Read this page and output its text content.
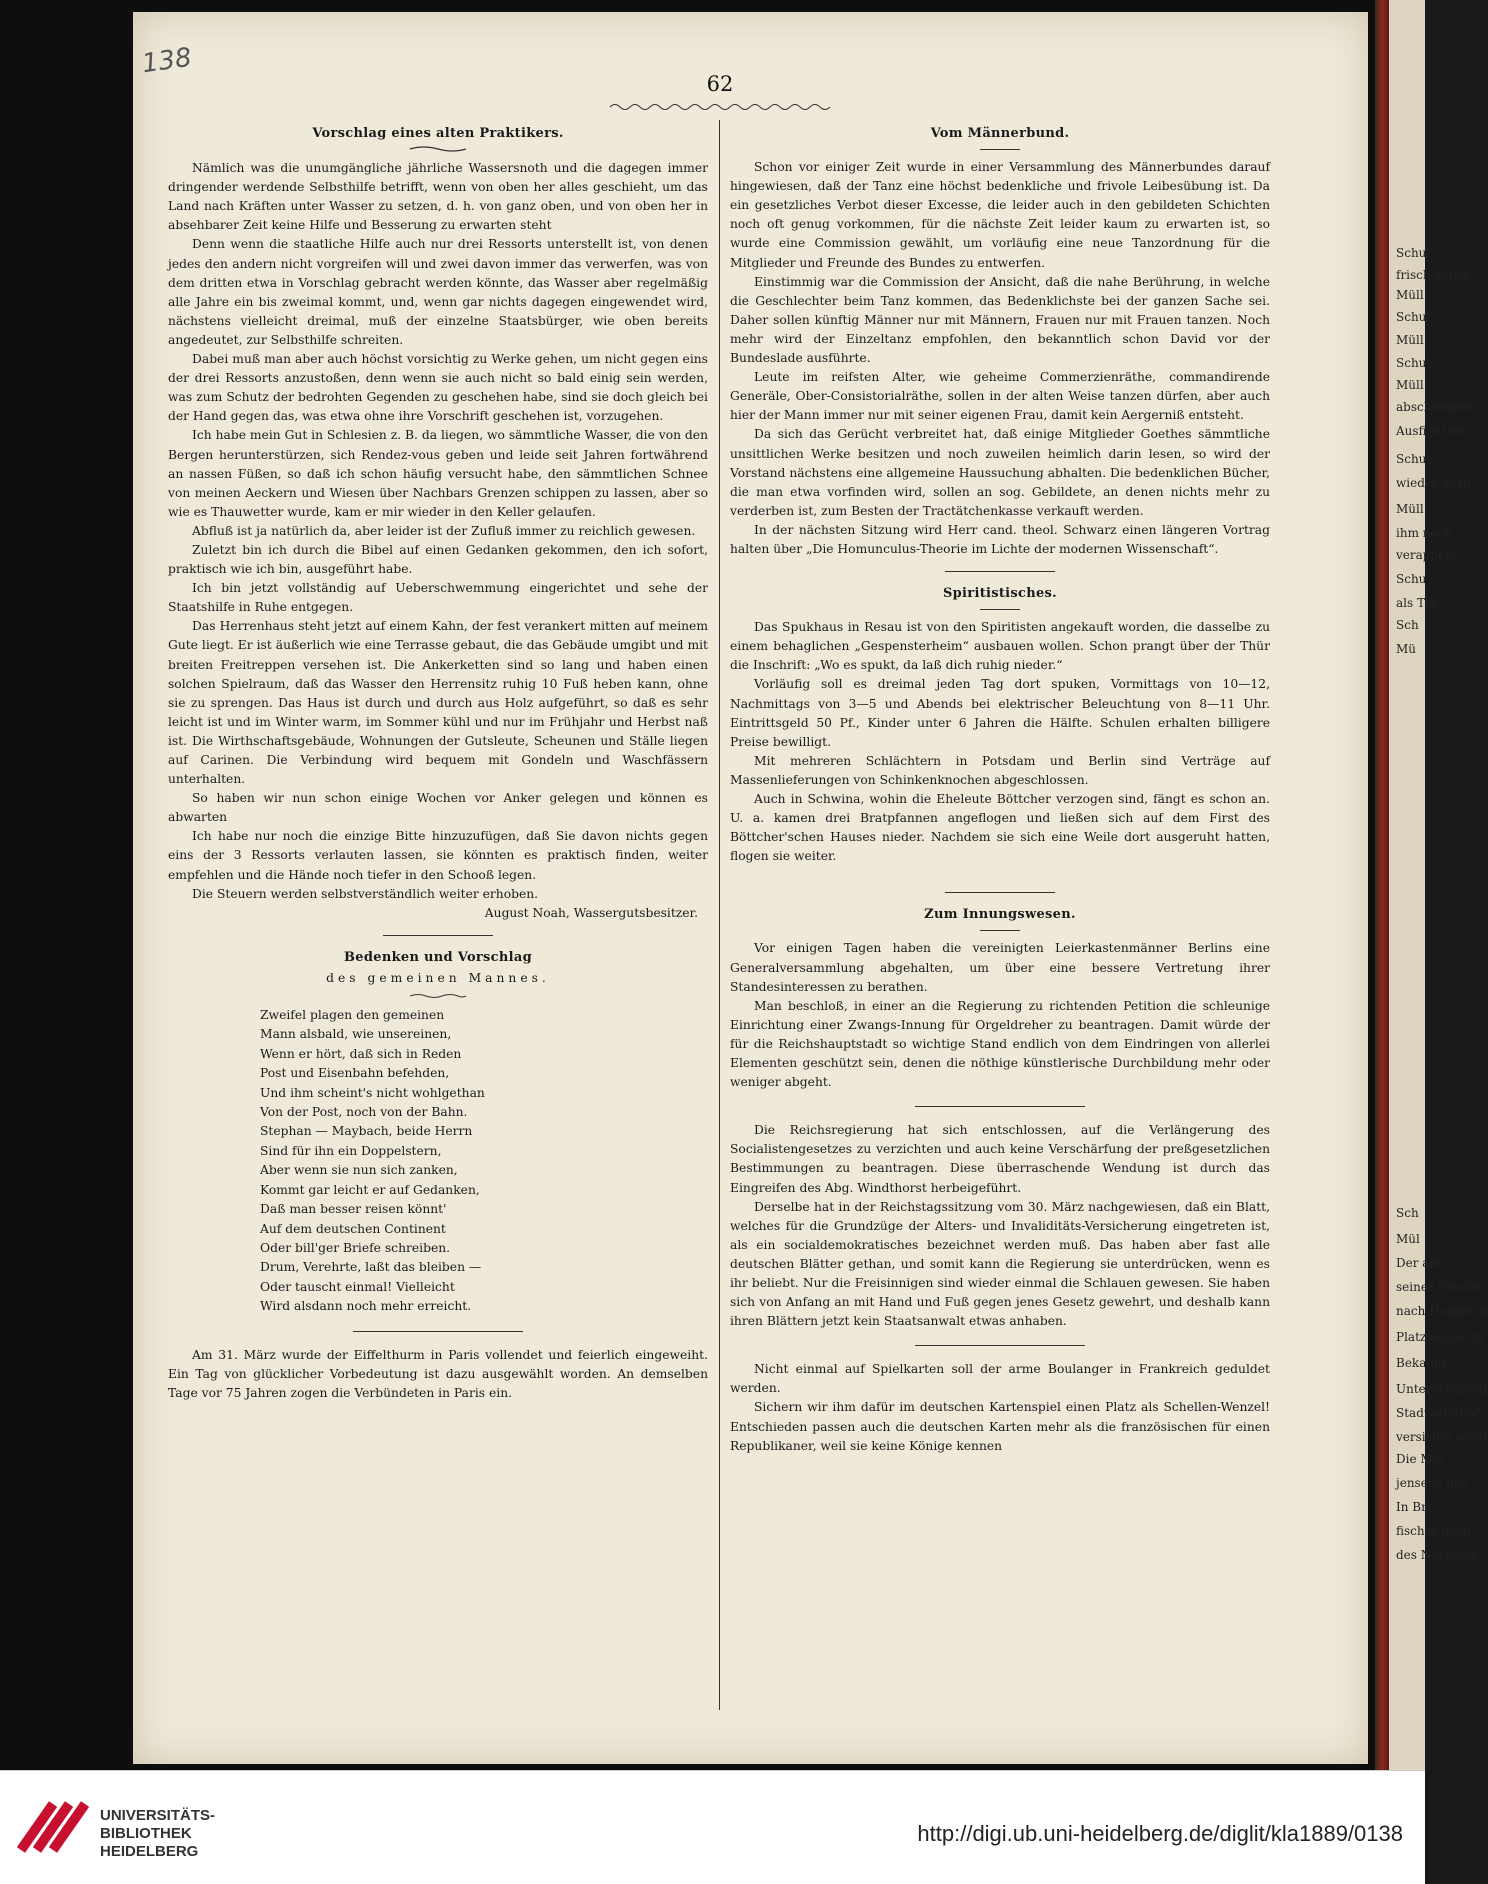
Schul
frisch anfan
Müll
Schul
Müll
Schul
Müll
abschneiden
Ausficht mi
Schul
wieder anzu
Müll
ihm noch
verappen.
Schu
als Tro
Sch
Mü
Sch
Mül
Der am
seiner Familie
nach Hamburg
Platz anzuschl
Bekannt
Unterbringung
Stadtbahnhof
versicher ward
Die Mül
jenseits des ;
In Bri
fischer nach ;
des Novembe
138
62
Vorschlag eines alten Praktikers.

Nämlich was die unumgängliche jährliche Wassersnoth und die dagegen immer dringender werdende Selbsthilfe betrifft, wenn von oben her alles geschieht, um das Land nach Kräften unter Wasser zu setzen, d. h. von ganz oben, und von oben her in absehbarer Zeit keine Hilfe und Besserung zu erwarten steht

Denn wenn die staatliche Hilfe auch nur drei Ressorts unterstellt ist, von denen jedes den andern nicht vorgreifen will und zwei davon immer das verwerfen, was von dem dritten etwa in Vorschlag gebracht werden könnte, das Wasser aber regelmäßig alle Jahre ein bis zweimal kommt, und, wenn gar nichts dagegen eingewendet wird, nächstens vielleicht dreimal, muß der einzelne Staatsbürger, wie oben bereits angedeutet, zur Selbsthilfe schreiten.

Dabei muß man aber auch höchst vorsichtig zu Werke gehen, um nicht gegen eins der drei Ressorts anzustoßen, denn wenn sie auch nicht so bald einig sein werden, was zum Schutz der bedrohten Gegenden zu geschehen habe, sind sie doch gleich bei der Hand gegen das, was etwa ohne ihre Vorschrift geschehen ist, vorzugehen.

Ich habe mein Gut in Schlesien z. B. da liegen, wo sämmtliche Wasser, die von den Bergen herunterstürzen, sich Rendez-vous geben und leide seit Jahren fortwährend an nassen Füßen, so daß ich schon häufig versucht habe, den sämmtlichen Schnee von meinen Aeckern und Wiesen über Nachbars Grenzen schippen zu lassen, aber so wie es Thauwetter wurde, kam er mir wieder in den Keller gelaufen.

Abfluß ist ja natürlich da, aber leider ist der Zufluß immer zu reichlich gewesen.

Zuletzt bin ich durch die Bibel auf einen Gedanken gekommen, den ich sofort, praktisch wie ich bin, ausgeführt habe.

Ich bin jetzt vollständig auf Ueberschwemmung eingerichtet und sehe der Staatshilfe in Ruhe entgegen.

Das Herrenhaus steht jetzt auf einem Kahn, der fest verankert mitten auf meinem Gute liegt. Er ist äußerlich wie eine Terrasse gebaut, die das Gebäude umgibt und mit breiten Freitreppen versehen ist. Die Ankerketten sind so lang und haben einen solchen Spielraum, daß das Wasser den Herrensitz ruhig 10 Fuß heben kann, ohne sie zu sprengen. Das Haus ist durch und durch aus Holz aufgeführt, so daß es sehr leicht ist und im Winter warm, im Sommer kühl und nur im Frühjahr und Herbst naß ist. Die Wirthschaftsgebäude, Wohnungen der Gutsleute, Scheunen und Ställe liegen auf Carinen. Die Verbindung wird bequem mit Gondeln und Waschfässern unterhalten.

So haben wir nun schon einige Wochen vor Anker gelegen und können es abwarten

Ich habe nur noch die einzige Bitte hinzuzufügen, daß Sie davon nichts gegen eins der 3 Ressorts verlauten lassen, sie könnten es praktisch finden, weiter empfehlen und die Hände noch tiefer in den Schooß legen.

Die Steuern werden selbstverständlich weiter erhoben.

August Noah, Wassergutsbesitzer.
Bedenken und Vorschlag
des gemeinen Mannes.
Zweifel plagen den gemeinen
Mann alsbald, wie unsereinen,
Wenn er hört, daß sich in Reden
Post und Eisenbahn befehden,
Und ihm scheint's nicht wohlgethan
Von der Post, noch von der Bahn.
Stephan — Maybach, beide Herrn
Sind für ihn ein Doppelstern,
Aber wenn sie nun sich zanken,
Kommt gar leicht er auf Gedanken,
Daß man besser reisen könnt'
Auf dem deutschen Continent
Oder bill'ger Briefe schreiben.
Drum, Verehrte, laßt das bleiben —
Oder tauscht einmal! Vielleicht
Wird alsdann noch mehr erreicht.

Am 31. März wurde der Eiffelthurm in Paris vollendet und feierlich eingeweiht. Ein Tag von glücklicher Vorbedeutung ist dazu ausgewählt worden. An demselben Tage vor 75 Jahren zogen die Verbündeten in Paris ein.

Vom Männerbund.

Schon vor einiger Zeit wurde in einer Versammlung des Männerbundes darauf hingewiesen, daß der Tanz eine höchst bedenkliche und frivole Leibesübung ist. Da ein gesetzliches Verbot dieser Excesse, die leider auch in den gebildeten Schichten noch oft genug vorkommen, für die nächste Zeit leider kaum zu erwarten ist, so wurde eine Commission gewählt, um vorläufig eine neue Tanzordnung für die Mitglieder und Freunde des Bundes zu entwerfen.

Einstimmig war die Commission der Ansicht, daß die nahe Berührung, in welche die Geschlechter beim Tanz kommen, das Bedenklichste bei der ganzen Sache sei. Daher sollen künftig Männer nur mit Männern, Frauen nur mit Frauen tanzen. Noch mehr wird der Einzeltanz empfohlen, den bekanntlich schon David vor der Bundeslade ausführte.

Leute im reifsten Alter, wie geheime Commerzienräthe, commandirende Generäle, Ober-Consistorialräthe, sollen in der alten Weise tanzen dürfen, aber auch hier der Mann immer nur mit seiner eigenen Frau, damit kein Aergerniß entsteht.

Da sich das Gerücht verbreitet hat, daß einige Mitglieder Goethes sämmtliche unsittlichen Werke besitzen und noch zuweilen heimlich darin lesen, so wird der Vorstand nächstens eine allgemeine Haussuchung abhalten. Die bedenklichen Bücher, die man etwa vorfinden wird, sollen an sog. Gebildete, an denen nichts mehr zu verderben ist, zum Besten der Tractätchenkasse verkauft werden.

In der nächsten Sitzung wird Herr cand. theol. Schwarz einen längeren Vortrag halten über „Die Homunculus-Theorie im Lichte der modernen Wissenschaft“.

Spiritistisches.

Das Spukhaus in Resau ist von den Spiritisten angekauft worden, die dasselbe zu einem behaglichen „Gespensterheim“ ausbauen wollen. Schon prangt über der Thür die Inschrift: „Wo es spukt, da laß dich ruhig nieder.“

Vorläufig soll es dreimal jeden Tag dort spuken, Vormittags von 10—12, Nachmittags von 3—5 und Abends bei elektrischer Beleuchtung von 8—11 Uhr. Eintrittsgeld 50 Pf., Kinder unter 6 Jahren die Hälfte. Schulen erhalten billigere Preise bewilligt.

Mit mehreren Schlächtern in Potsdam und Berlin sind Verträge auf Massenlieferungen von Schinkenknochen abgeschlossen.

Auch in Schwina, wohin die Eheleute Böttcher verzogen sind, fängt es schon an. U. a. kamen drei Bratpfannen angeflogen und ließen sich auf dem First des Böttcher'schen Hauses nieder. Nachdem sie sich eine Weile dort ausgeruht hatten, flogen sie weiter.

Zum Innungswesen.

Vor einigen Tagen haben die vereinigten Leierkastenmänner Berlins eine Generalversammlung abgehalten, um über eine bessere Vertretung ihrer Standesinteressen zu berathen.

Man beschloß, in einer an die Regierung zu richtenden Petition die schleunige Einrichtung einer Zwangs-Innung für Orgeldreher zu beantragen. Damit würde der für die Reichshauptstadt so wichtige Stand endlich von dem Eindringen von allerlei Elementen geschützt sein, denen die nöthige künstlerische Durchbildung mehr oder weniger abgeht.

Die Reichsregierung hat sich entschlossen, auf die Verlängerung des Socialistengesetzes zu verzichten und auch keine Verschärfung der preßgesetzlichen Bestimmungen zu beantragen. Diese überraschende Wendung ist durch das Eingreifen des Abg. Windthorst herbeigeführt.

Derselbe hat in der Reichstagssitzung vom 30. März nachgewiesen, daß ein Blatt, welches für die Grundzüge der Alters- und Invaliditäts-Versicherung eingetreten ist, als ein socialdemokratisches bezeichnet werden muß. Das haben aber fast alle deutschen Blätter gethan, und somit kann die Regierung sie unterdrücken, wenn es ihr beliebt. Nur die Freisinnigen sind wieder einmal die Schlauen gewesen. Sie haben sich von Anfang an mit Hand und Fuß gegen jenes Gesetz gewehrt, und deshalb kann ihren Blättern jetzt kein Staatsanwalt etwas anhaben.

Nicht einmal auf Spielkarten soll der arme Boulanger in Frankreich geduldet werden.

Sichern wir ihm dafür im deutschen Kartenspiel einen Platz als Schellen-Wenzel! Entschieden passen auch die deutschen Karten mehr als die französischen für einen Republikaner, weil sie keine Könige kennen

UNIVERSITÄTS-
BIBLIOTHEK
HEIDELBERG
http://digi.ub.uni-heidelberg.de/diglit/kla1889/0138
